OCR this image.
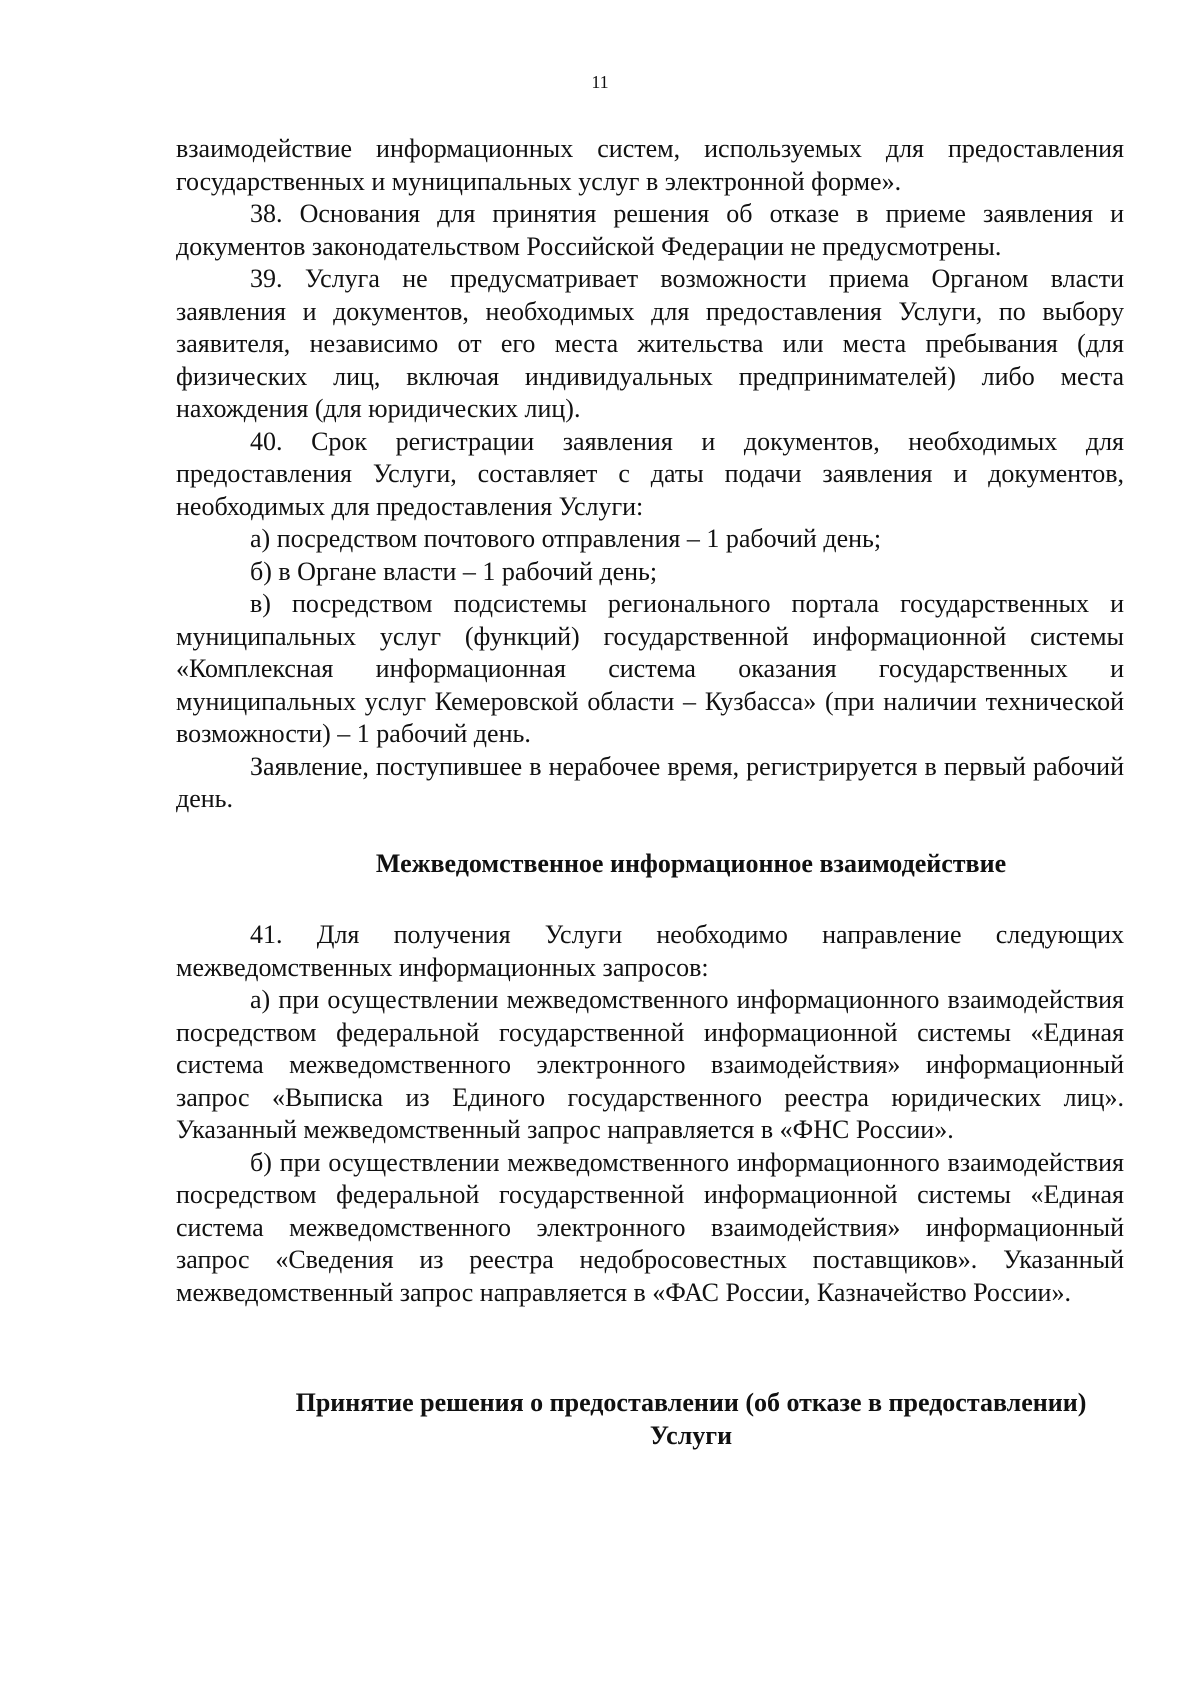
11

взаимодействие информационных систем, используемых для предоставления государственных и муниципальных услуг в электронной форме».

38. Основания для принятия решения об отказе в приеме заявления и документов законодательством Российской Федерации не предусмотрены.

39. Услуга не предусматривает возможности приема Органом власти заявления и документов, необходимых для предоставления Услуги, по выбору заявителя, независимо от его места жительства или места пребывания (для физических лиц, включая индивидуальных предпринимателей) либо места нахождения (для юридических лиц).

40. Срок регистрации заявления и документов, необходимых для предоставления Услуги, составляет с даты подачи заявления и документов, необходимых для предоставления Услуги:

а) посредством почтового отправления – 1 рабочий день;

б) в Органе власти – 1 рабочий день;

в) посредством подсистемы регионального портала государственных и муниципальных услуг (функций) государственной информационной системы «Комплексная информационная система оказания государственных и муниципальных услуг Кемеровской области – Кузбасса» (при наличии технической возможности) – 1 рабочий день.

Заявление, поступившее в нерабочее время, регистрируется в первый рабочий день.

Межведомственное информационное взаимодействие

41. Для получения Услуги необходимо направление следующих межведомственных информационных запросов:

а) при осуществлении межведомственного информационного взаимодействия посредством федеральной государственной информационной системы «Единая система межведомственного электронного взаимодействия» информационный запрос «Выписка из Единого государственного реестра юридических лиц». Указанный межведомственный запрос направляется в «ФНС России».

б) при осуществлении межведомственного информационного взаимодействия посредством федеральной государственной информационной системы «Единая система межведомственного электронного взаимодействия» информационный запрос «Сведения из реестра недобросовестных поставщиков». Указанный межведомственный запрос направляется в «ФАС России, Казначейство России».

Принятие решения о предоставлении (об отказе в предоставлении)
Услуги
